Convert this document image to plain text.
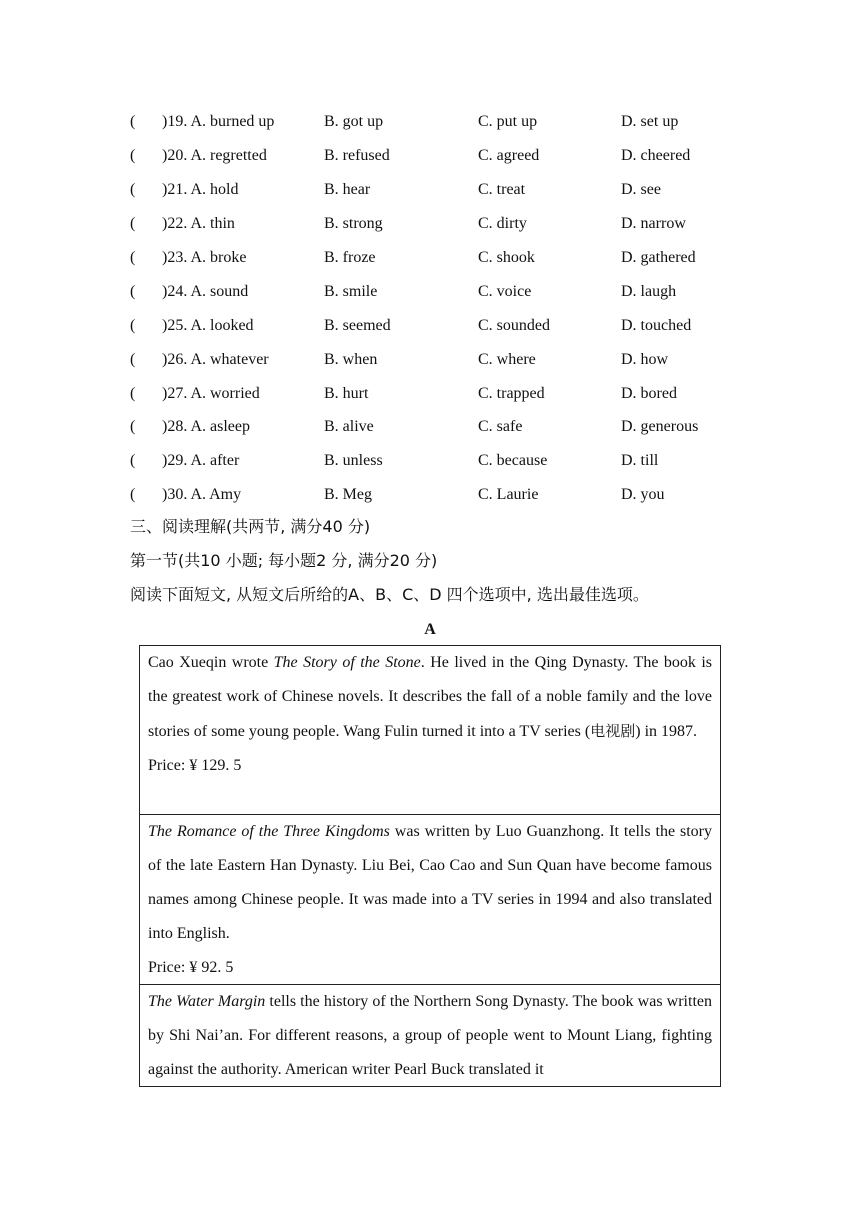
( )19. A. burned up	B. got up	C. put up	D. set up
( )20. A. regretted	B. refused	C. agreed	D. cheered
( )21. A. hold	B. hear	C. treat	D. see
( )22. A. thin	B. strong	C. dirty	D. narrow
( )23. A. broke	B. froze	C. shook	D. gathered
( )24. A. sound	B. smile	C. voice	D. laugh
( )25. A. looked	B. seemed	C. sounded	D. touched
( )26. A. whatever	B. when	C. where	D. how
( )27. A. worried	B. hurt	C. trapped	D. bored
( )28. A. asleep	B. alive	C. safe	D. generous
( )29. A. after	B. unless	C. because	D. till
( )30. A. Amy	B. Meg	C. Laurie	D. you
三、阅读理解(共两节, 满分40 分)
第一节(共10 小题; 每小题2 分, 满分20 分)
阅读下面短文, 从短文后所给的A、B、C、D 四个选项中, 选出最佳选项。
A

Cao Xueqin wrote The Story of the Stone. He lived in the Qing Dynasty. The book is the greatest work of Chinese novels. It describes the fall of a noble family and the love stories of some young people. Wang Fulin turned it into a TV series (电视剧) in 1987.

Price: ¥ 129. 5

The Romance of the Three Kingdoms was written by Luo Guanzhong. It tells the story of the late Eastern Han Dynasty. Liu Bei, Cao Cao and Sun Quan have become famous names among Chinese people. It was made into a TV series in 1994 and also translated into English.

Price: ¥ 92. 5

The Water Margin tells the history of the Northern Song Dynasty. The book was written by Shi Nai’an. For different reasons, a group of people went to Mount Liang, fighting against the authority. American writer Pearl Buck translated it
